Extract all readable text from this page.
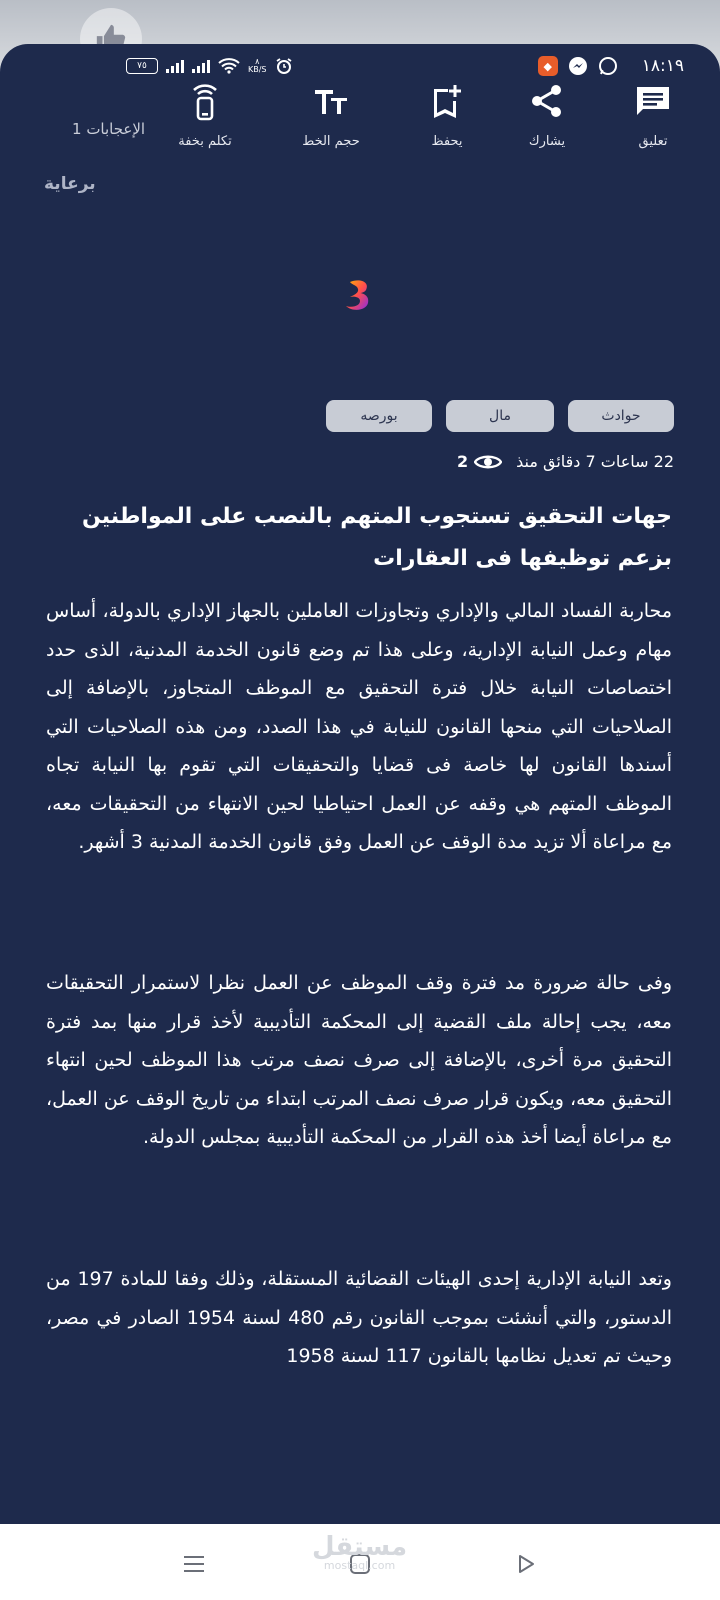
٧٥	٨
KB/S	◆	١٨:١٩
تعليق
يشارك
يحفظ
حجم الخط
تكلم بخفة
1 الإعجابات
برعاية
حوادث
مال
بورصه
22 ساعات 7 دقائق منذ
2
جهات التحقيق تستجوب المتهم بالنصب على المواطنين بزعم توظيفها فى العقارات
محاربة الفساد المالي والإداري وتجاوزات العاملين بالجهاز الإداري بالدولة، أساس مهام وعمل النيابة الإدارية، وعلى هذا تم وضع قانون الخدمة المدنية، الذى حدد اختصاصات النيابة خلال فترة التحقيق مع الموظف المتجاوز، بالإضافة إلى الصلاحيات التي منحها القانون للنيابة في هذا الصدد، ومن هذه الصلاحيات التي أسندها القانون لها خاصة فى قضايا والتحقيقات التي تقوم بها النيابة تجاه الموظف المتهم هي وقفه عن العمل احتياطيا لحين الانتهاء من التحقيقات معه، مع مراعاة ألا تزيد مدة الوقف عن العمل وفق قانون الخدمة المدنية 3 أشهر.
وفى حالة ضرورة مد فترة وقف الموظف عن العمل نظرا لاستمرار التحقيقات معه، يجب إحالة ملف القضية إلى المحكمة التأديبية لأخذ قرار منها بمد فترة التحقيق مرة أخرى، بالإضافة إلى صرف نصف مرتب هذا الموظف لحين انتهاء التحقيق معه، ويكون قرار صرف نصف المرتب ابتداء من تاريخ الوقف عن العمل، مع مراعاة أيضا أخذ هذه القرار من المحكمة التأديبية بمجلس الدولة.
وتعد النيابة الإدارية إحدى الهيئات القضائية المستقلة، وذلك وفقا للمادة 197 من الدستور، والتي أنشئت بموجب القانون رقم 480 لسنة 1954 الصادر في مصر، وحيث تم تعديل نظامها بالقانون 117 لسنة 1958
مستقل
mostaql.com
